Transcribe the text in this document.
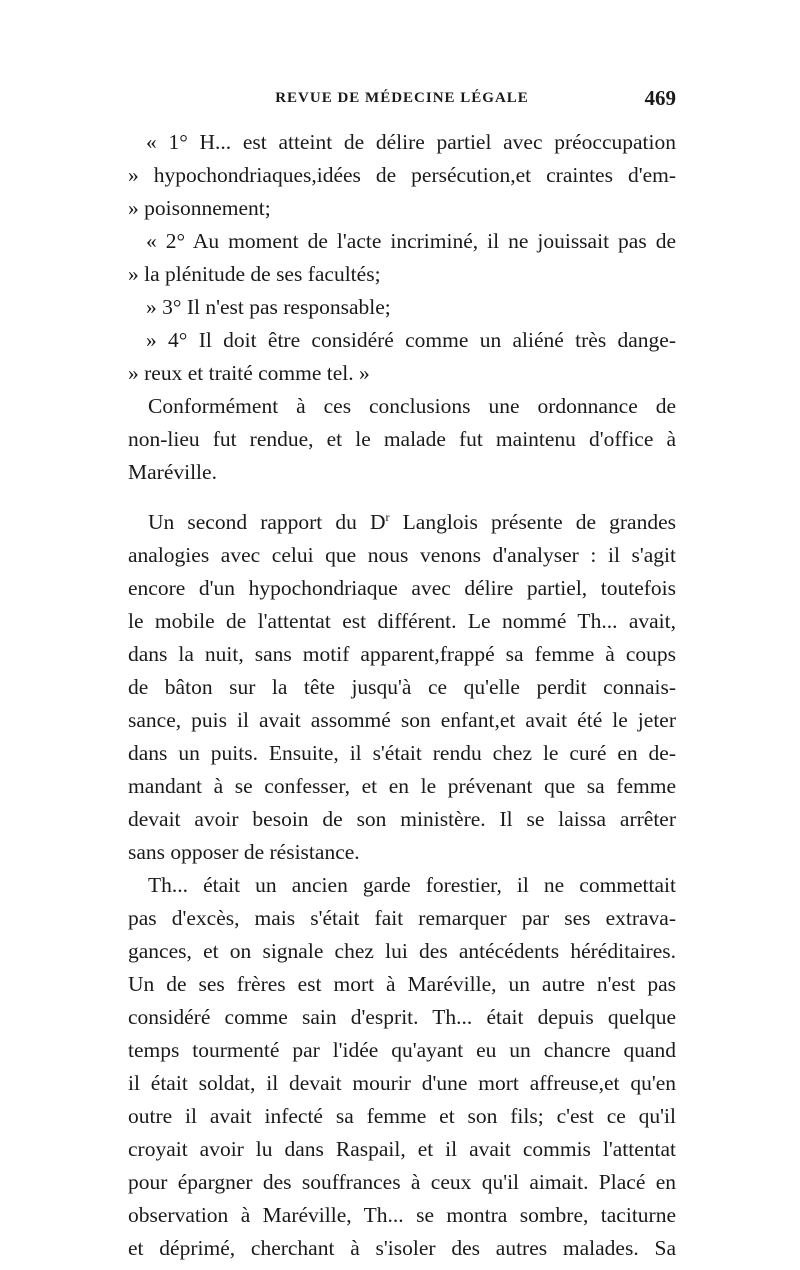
REVUE DE MÉDECINE LÉGALE	469
« 1° H... est atteint de délire partiel avec préoccupation
» hypochondriaques,idées de persécution,et craintes d'em-
» poisonnement;
« 2° Au moment de l'acte incriminé, il ne jouissait pas de
» la plénitude de ses facultés;
» 3° Il n'est pas responsable;
» 4° Il doit être considéré comme un aliéné très dange-
» reux et traité comme tel. »
Conformément à ces conclusions une ordonnance de
non-lieu fut rendue, et le malade fut maintenu d'office à
Maréville.
Un second rapport du $D^r$ Langlois présente de grandes
analogies avec celui que nous venons d'analyser : il s'agit
encore d'un hypochondriaque avec délire partiel, toutefois
le mobile de l'attentat est différent. Le nommé Th... avait,
dans la nuit, sans motif apparent,frappé sa femme à coups
de bâton sur la tête jusqu'à ce qu'elle perdit connais-
sance, puis il avait assommé son enfant,et avait été le jeter
dans un puits. Ensuite, il s'était rendu chez le curé en de-
mandant à se confesser, et en le prévenant que sa femme
devait avoir besoin de son ministère. Il se laissa arrêter
sans opposer de résistance.
Th... était un ancien garde forestier, il ne commettait
pas d'excès, mais s'était fait remarquer par ses extrava-
gances, et on signale chez lui des antécédents héréditaires.
Un de ses frères est mort à Maréville, un autre n'est pas
considéré comme sain d'esprit. Th... était depuis quelque
temps tourmenté par l'idée qu'ayant eu un chancre quand
il était soldat, il devait mourir d'une mort affreuse,et qu'en
outre il avait infecté sa femme et son fils; c'est ce qu'il
croyait avoir lu dans Raspail, et il avait commis l'attentat
pour épargner des souffrances à ceux qu'il aimait. Placé en
observation à Maréville, Th... se montra sombre, taciturne
et déprimé, cherchant à s'isoler des autres malades. Sa
